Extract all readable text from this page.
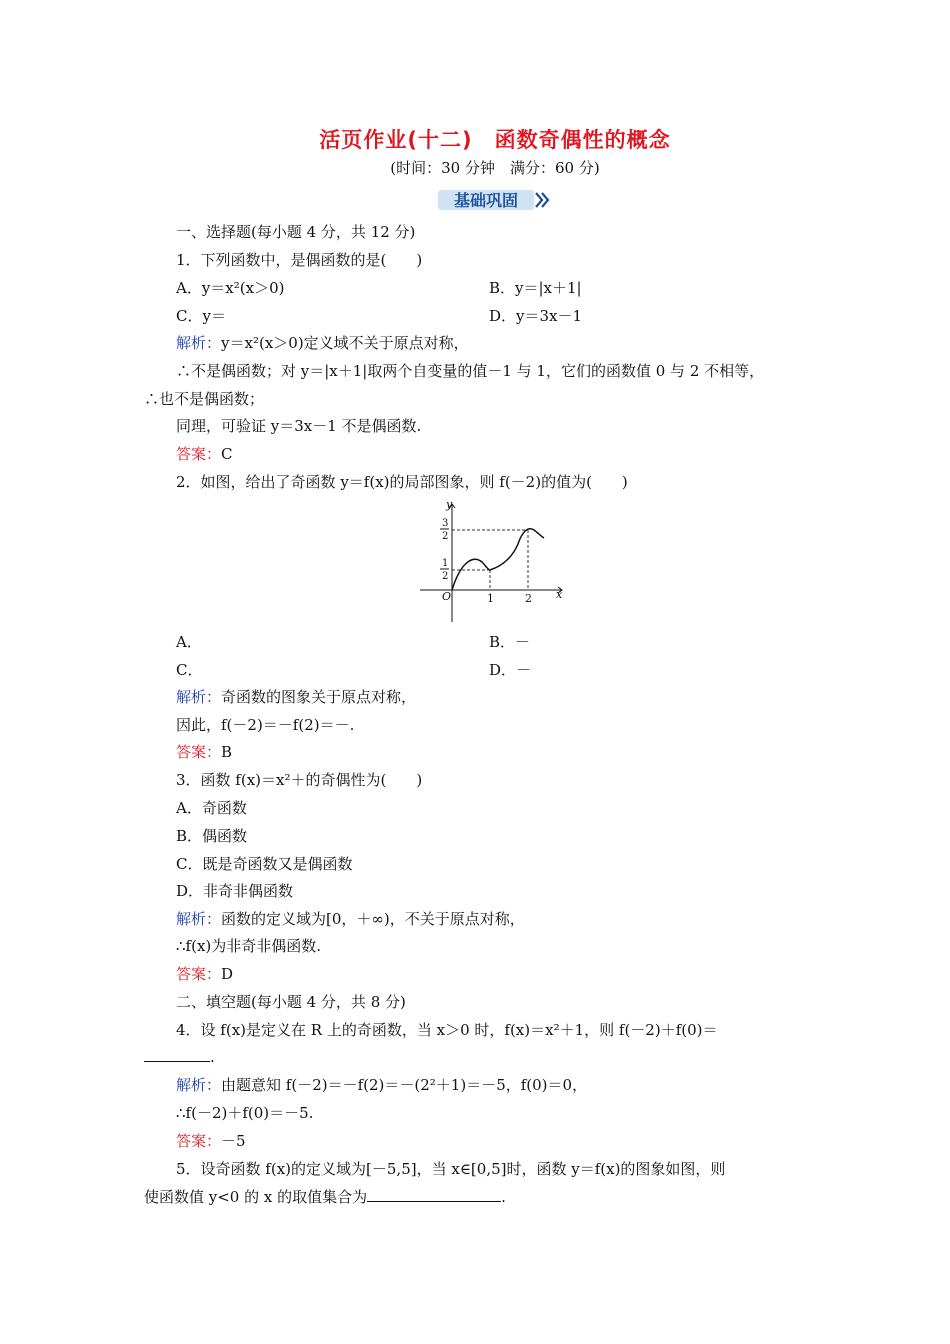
活页作业(十二)　函数奇偶性的概念
(时间：30 分钟　满分：60 分)
基础巩固
一、选择题(每小题 4 分，共 12 分)
1．下列函数中，是偶函数的是(　　)
A．y＝x²(x＞0)	B．y＝|x＋1|
C．y＝	D．y＝3x－1
解析：y＝x²(x＞0)定义域不关于原点对称，
∴不是偶函数；对 y＝|x＋1|取两个自变量的值－1 与 1，它们的函数值 0 与 2 不相等，
∴也不是偶函数；
同理，可验证 y＝3x－1 不是偶函数.
答案：C
2．如图，给出了奇函数 y＝f(x)的局部图象，则 f(－2)的值为(　　)
y
x
O	1	2
1
2
3
2
A．	B．－
C．	D．－
解析：奇函数的图象关于原点对称，
因此，f(－2)＝－f(2)＝－.
答案：B
3．函数 f(x)＝x²＋的奇偶性为(　　)
A．奇函数
B．偶函数
C．既是奇函数又是偶函数
D．非奇非偶函数
解析：函数的定义域为[0，＋∞)，不关于原点对称，
∴f(x)为非奇非偶函数.
答案：D
二、填空题(每小题 4 分，共 8 分)
4．设 f(x)是定义在 R 上的奇函数，当 x＞0 时，f(x)＝x²＋1，则 f(－2)＋f(0)＝
.
解析：由题意知 f(－2)＝－f(2)＝－(2²＋1)＝－5，f(0)＝0，
∴f(－2)＋f(0)＝－5.
答案：－5
5．设奇函数 f(x)的定义域为[－5,5]，当 x∈[0,5]时，函数 y＝f(x)的图象如图，则
使函数值 y<0 的 x 的取值集合为	.
